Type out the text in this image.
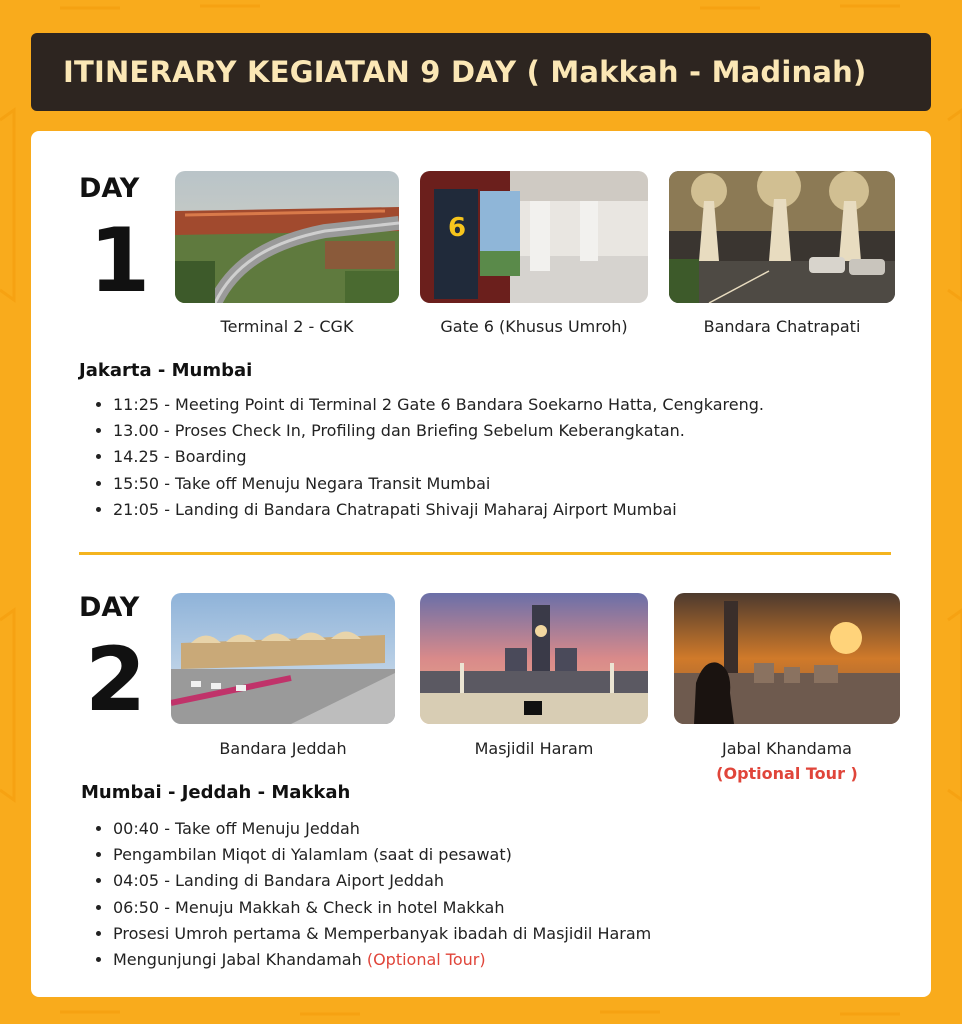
ITINERARY KEGIATAN 9 DAY ( Makkah - Madinah)
DAY
1
Terminal 2 - CGK
6
Gate 6 (Khusus Umroh)	Bandara Chatrapati
Jakarta - Mumbai
• 11:25 - Meeting Point di Terminal 2 Gate 6 Bandara Soekarno Hatta, Cengkareng.
• 13.00 - Proses Check In, Profiling dan Briefing Sebelum Keberangkatan.
• 14.25 - Boarding
• 15:50 - Take off Menuju Negara Transit Mumbai
• 21:05 - Landing di Bandara Chatrapati Shivaji Maharaj Airport Mumbai
DAY
2
Bandara Jeddah	Masjidil Haram	Jabal Khandama
(Optional Tour )
Mumbai - Jeddah - Makkah
• 00:40 - Take off Menuju Jeddah
• Pengambilan Miqot di Yalamlam (saat di pesawat)
• 04:05 - Landing di Bandara Aiport Jeddah
• 06:50 - Menuju Makkah & Check in hotel Makkah
• Prosesi Umroh pertama & Memperbanyak ibadah di Masjidil Haram
• Mengunjungi Jabal Khandamah (Optional Tour)
